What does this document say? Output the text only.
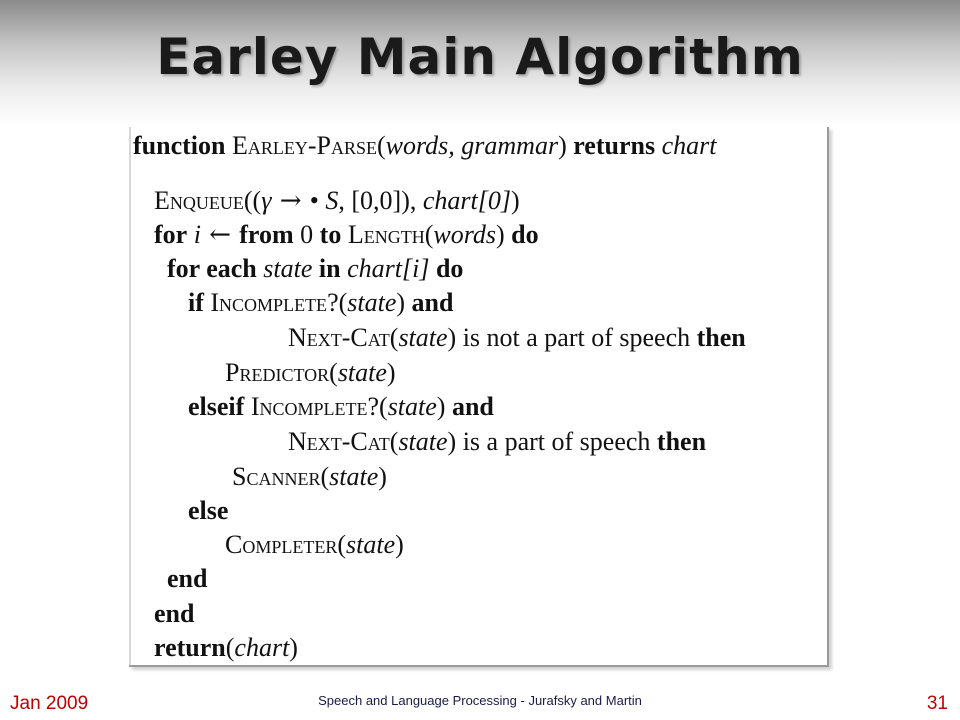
Earley Main Algorithm
function Earley-Parse(words, grammar) returns chart
Enqueue((γ → • S, [0,0]), chart[0])
for i ← from 0 to Length(words) do
for each state in chart[i] do
if Incomplete?(state) and
Next-Cat(state) is not a part of speech then
Predictor(state)
elseif Incomplete?(state) and
Next-Cat(state) is a part of speech then
Scanner(state)
else
Completer(state)
end
end
return(chart)
Jan 2009	Speech and Language Processing - Jurafsky and Martin	31
